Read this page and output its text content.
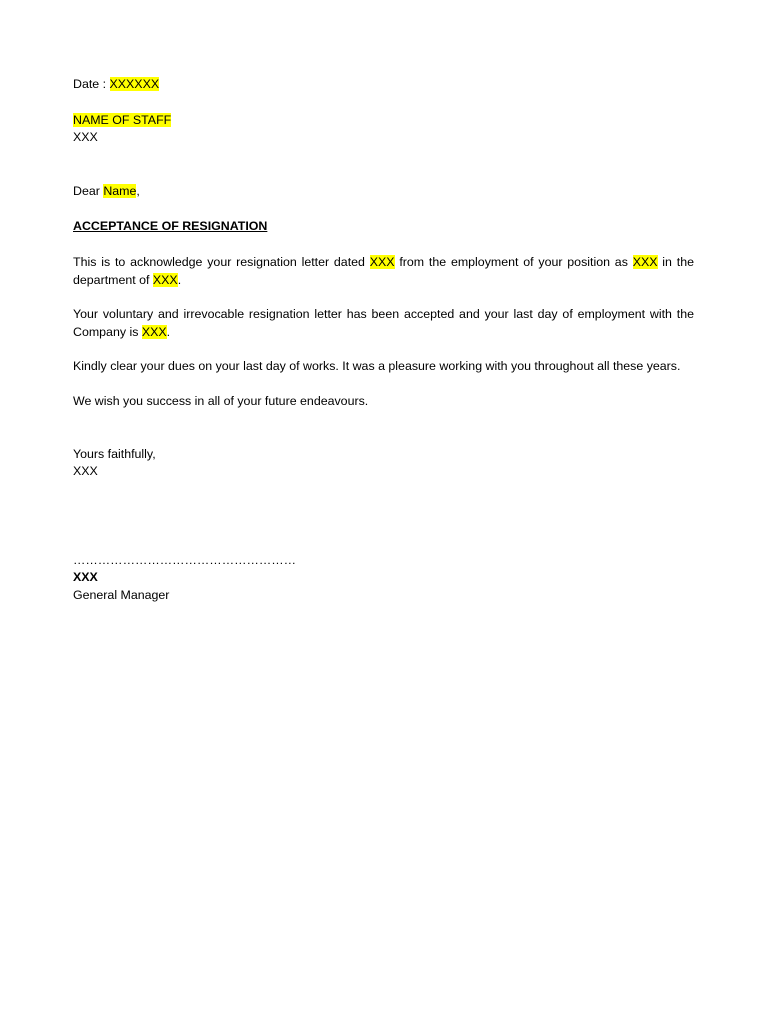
Date : XXXXXX

NAME OF STAFF

XXX

Dear Name,

ACCEPTANCE OF RESIGNATION

This is to acknowledge your resignation letter dated XXX from the employment of your position as XXX in the department of XXX.

Your voluntary and irrevocable resignation letter has been accepted and your last day of employment with the Company is XXX.

Kindly clear your dues on your last day of works. It was a pleasure working with you throughout all these years.

We wish you success in all of your future endeavours.

Yours faithfully,

XXX

………………………………………………

XXX

General Manager
